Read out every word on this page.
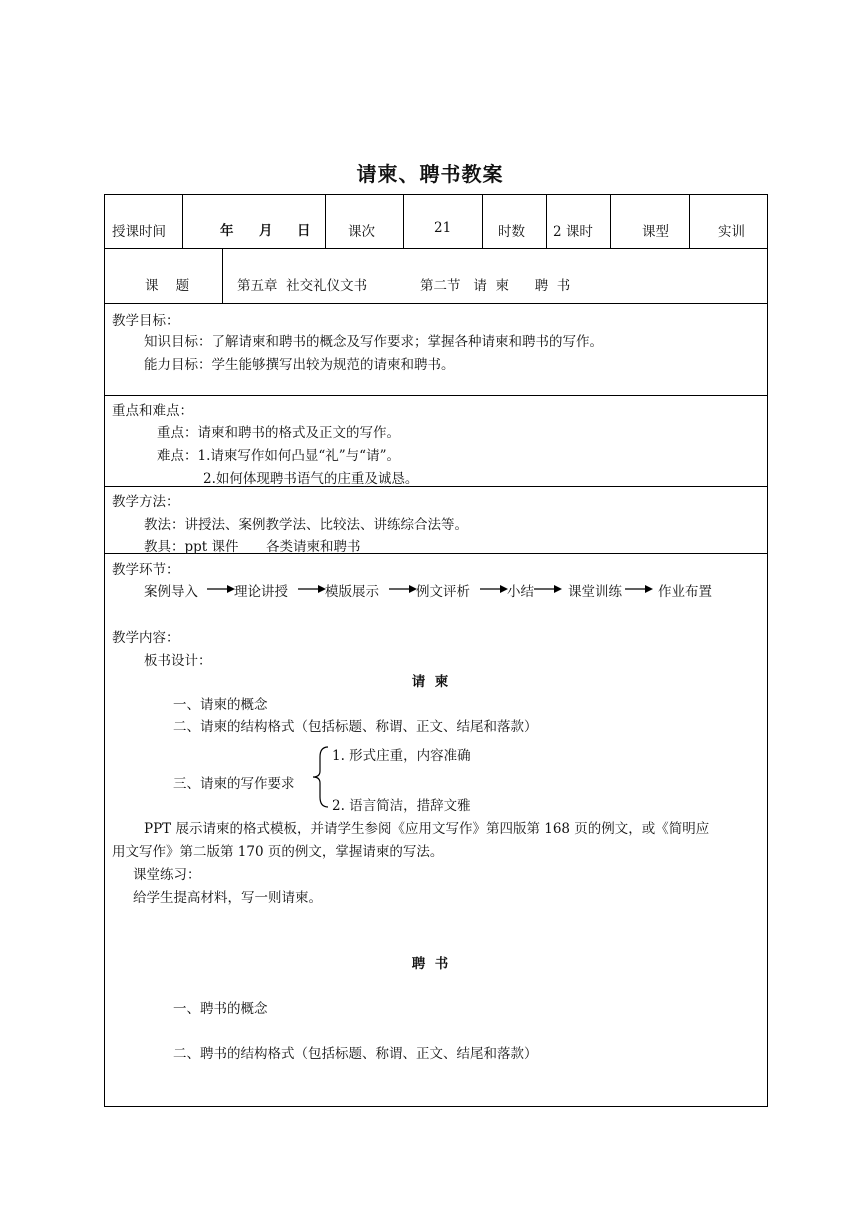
请柬、聘书教案
授课时间	年 月 日	课次	21	时数 2 课时	课型	实训
课    题	第五章  社交礼仪文书	第二节   请  柬      聘  书
教学目标：
知识目标：了解请柬和聘书的概念及写作要求；掌握各种请柬和聘书的写作。
能力目标：学生能够撰写出较为规范的请柬和聘书。
重点和难点：
重点：请柬和聘书的格式及正文的写作。
难点：1.请柬写作如何凸显“礼”与“请”。
2.如何体现聘书语气的庄重及诚恳。
教学方法：
教法：讲授法、案例教学法、比较法、讲练综合法等。
教具：ppt 课件 各类请柬和聘书
教学环节：
案例导入	理论讲授	模版展示	例文评析	小结	课堂训练	作业布置
教学内容：
板书设计：
请  柬
一、请柬的概念
二、请柬的结构格式（包括标题、称谓、正文、结尾和落款）
三、请柬的写作要求
1. 形式庄重，内容准确
2. 语言简洁，措辞文雅
PPT 展示请柬的格式模板，并请学生参阅《应用文写作》第四版第 168 页的例文，或《简明应
用文写作》第二版第 170 页的例文，掌握请柬的写法。
课堂练习：
给学生提高材料，写一则请柬。
聘  书
一、聘书的概念
二、聘书的结构格式（包括标题、称谓、正文、结尾和落款）
